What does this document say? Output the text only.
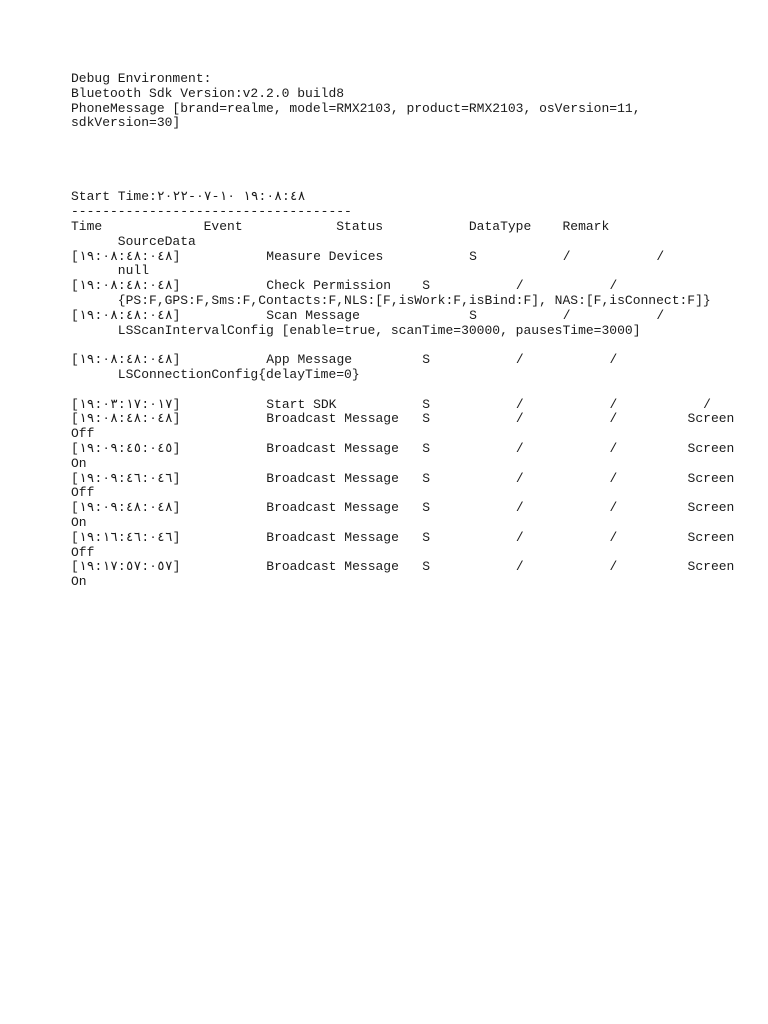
Debug Environment:
Bluetooth Sdk Version:v2.2.0 build8
PhoneMessage [brand=realme, model=RMX2103, product=RMX2103, osVersion=11,
sdkVersion=30]
Start Time:١٩:٠٨:٤٨ ١٠-٠٧-٢٠٢٢
------------------------------------
Time             Event            Status           DataType    Remark
SourceData
[١٩:٠٨:٤٨:٠٤٨]           Measure Devices           S           /           /
null
[١٩:٠٨:٤٨:٠٤٨]           Check Permission    S           /           /
{PS:F,GPS:F,Sms:F,Contacts:F,NLS:[F,isWork:F,isBind:F], NAS:[F,isConnect:F]}
[١٩:٠٨:٤٨:٠٤٨]           Scan Message              S           /           /
LSScanIntervalConfig [enable=true, scanTime=30000, pausesTime=3000]
[١٩:٠٨:٤٨:٠٤٨]           App Message         S           /           /
LSConnectionConfig{delayTime=0}
[١٩:٠٣:١٧:٠١٧]           Start SDK           S           /           /           /
[١٩:٠٨:٤٨:٠٤٨]           Broadcast Message   S           /           /         Screen
Off
[١٩:٠٩:٤٥:٠٤٥]           Broadcast Message   S           /           /         Screen
On
[١٩:٠٩:٤٦:٠٤٦]           Broadcast Message   S           /           /         Screen
Off
[١٩:٠٩:٤٨:٠٤٨]           Broadcast Message   S           /           /         Screen
On
[١٩:١٦:٤٦:٠٤٦]           Broadcast Message   S           /           /         Screen
Off
[١٩:١٧:٥٧:٠٥٧]           Broadcast Message   S           /           /         Screen
On
